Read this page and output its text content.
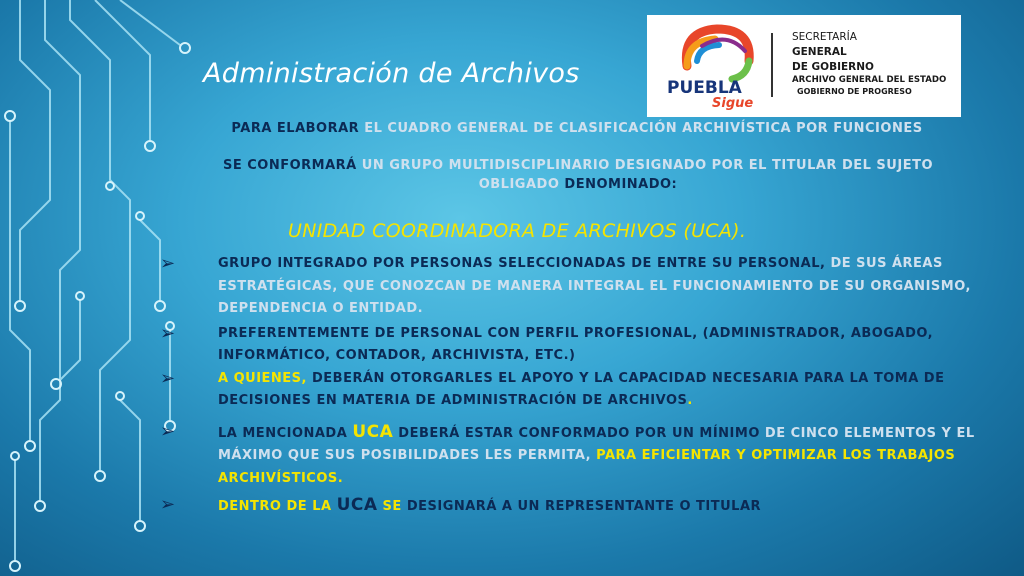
Administración de Archivos	PUEBLA
Sigue
SECRETARÍA
GENERAL
DE GOBIERNO
ARCHIVO GENERAL DEL ESTADO
GOBIERNO DE PROGRESO
PARA ELABORAR EL CUADRO GENERAL DE CLASIFICACIÓN ARCHIVÍSTICA POR FUNCIONES
SE CONFORMARÁ UN GRUPO MULTIDISCIPLINARIO DESIGNADO POR EL TITULAR DEL SUJETO OBLIGADO DENOMINADO:
UNIDAD COORDINADORA DE ARCHIVOS (UCA).
➢	GRUPO INTEGRADO POR PERSONAS SELECCIONADAS DE ENTRE SU PERSONAL, DE SUS ÁREAS ESTRATÉGICAS, QUE CONOZCAN DE MANERA INTEGRAL EL FUNCIONAMIENTO DE SU ORGANISMO, DEPENDENCIA O ENTIDAD.
➢	PREFERENTEMENTE DE PERSONAL CON PERFIL PROFESIONAL, (ADMINISTRADOR, ABOGADO, INFORMÁTICO, CONTADOR, ARCHIVISTA, ETC.)
➢	A QUIENES, DEBERÁN OTORGARLES EL APOYO Y LA CAPACIDAD NECESARIA PARA LA TOMA DE DECISIONES EN MATERIA DE ADMINISTRACIÓN DE ARCHIVOS.
➢	LA MENCIONADA UCA DEBERÁ ESTAR CONFORMADO POR UN MÍNIMO DE CINCO ELEMENTOS Y EL MÁXIMO QUE SUS POSIBILIDADES LES PERMITA, PARA EFICIENTAR Y OPTIMIZAR LOS TRABAJOS ARCHIVÍSTICOS.
➢	DENTRO DE LA UCA SE DESIGNARÁ A UN REPRESENTANTE O TITULAR
